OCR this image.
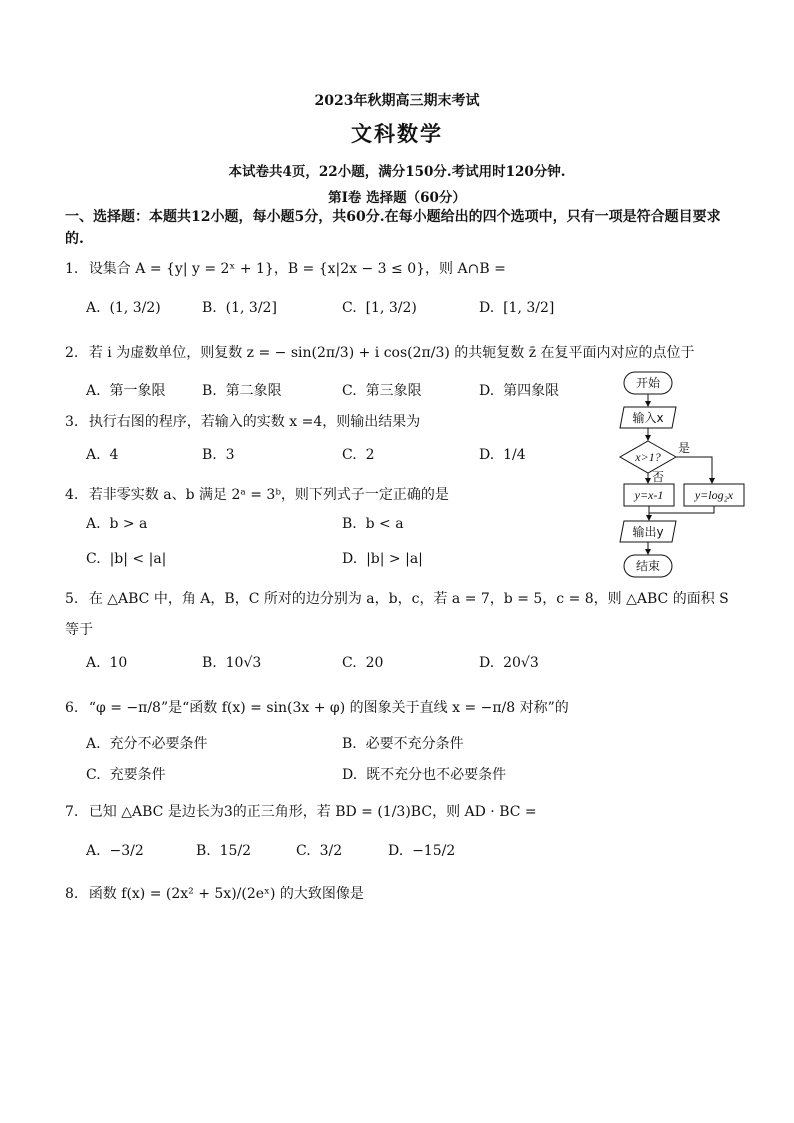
2023年秋期高三期末考试
文科数学
本试卷共4页，22小题，满分150分.考试用时120分钟.
第Ⅰ卷 选择题（60分）
一、选择题：本题共12小题，每小题5分，共60分.在每小题给出的四个选项中，只有一项是符合题目要求的.
1. 设集合 A = {y| y = 2ˣ + 1}，B = {x|2x − 3 ≤ 0}，则 A∩B =
A.  (1, 3/2)	B.  (1, 3/2]	C.  [1, 3/2)	D.  [1, 3/2]
2. 若 i 为虚数单位，则复数 z = − sin(2π/3) + i cos(2π/3) 的共轭复数 z̄ 在复平面内对应的点位于
A.  第一象限	B.  第二象限	C.  第三象限	D.  第四象限
3. 执行右图的程序，若输入的实数 x =4，则输出结果为
A.  4	B.  3	C.  2	D.  1/4
4. 若非零实数 a、b 满足 2ᵃ = 3ᵇ，则下列式子一定正确的是
A.  b > a	B.  b < a
C.  |b| < |a|	D.  |b| > |a|
5. 在 △ABC 中，角 A，B，C 所对的边分别为 a，b，c，若 a = 7，b = 5，c = 8，则 △ABC 的面积 S
等于
A.  10	B.  10√3	C.  20	D.  20√3
6. “φ = −π/8”是“函数 f(x) = sin(3x + φ) 的图象关于直线 x = −π/8 对称”的
A.  充分不必要条件	B.  必要不充分条件
C.  充要条件	D.  既不充分也不必要条件
7. 已知 △ABC 是边长为3的正三角形，若 BD = (1/3)BC，则 AD · BC =
A.  −3/2	B.  15/2	C.  3/2	D.  −15/2
8. 函数 f(x) = (2x² + 5x)/(2eˣ) 的大致图像是
开始
输入x
x>1?
是
否
y=x-1	y=log₂x
输出y
结束
